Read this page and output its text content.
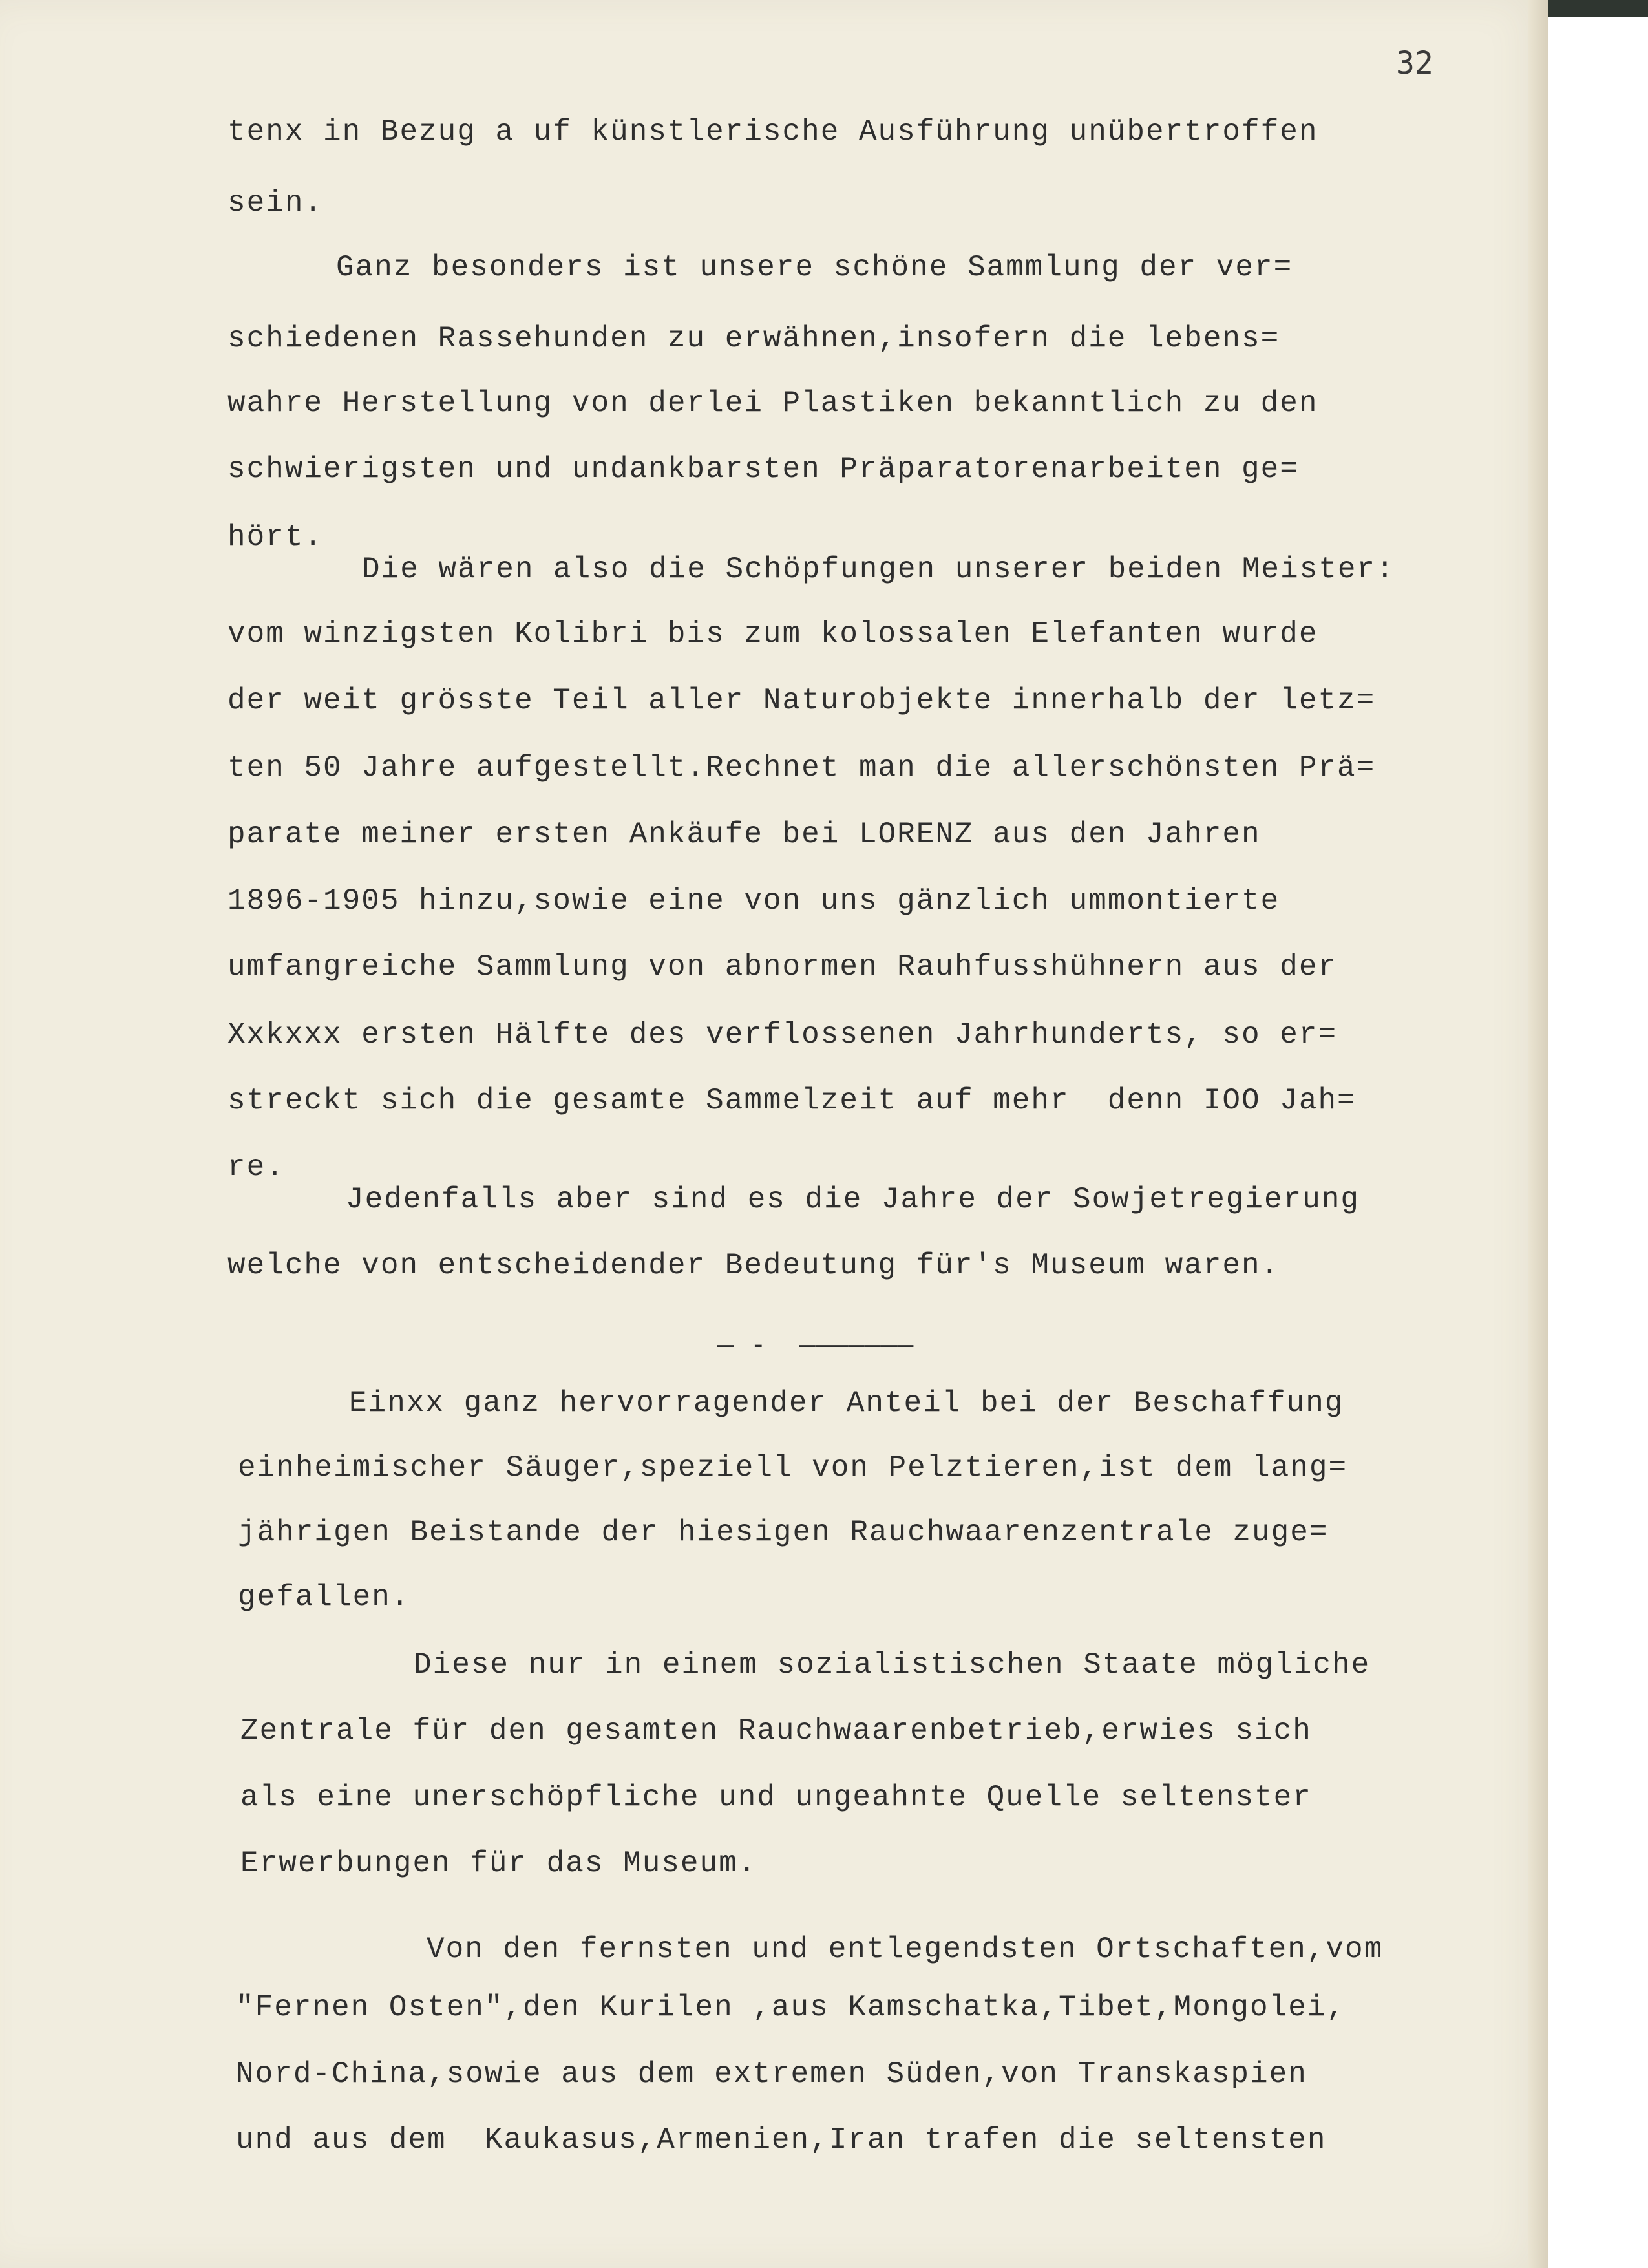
32
tenx in Bezug a uf künstlerische Ausführung unübertroffen
sein.
Ganz besonders ist unsere schöne Sammlung der ver=
schiedenen Rassehunden zu erwähnen,insofern die lebens=
wahre Herstellung von derlei Plastiken bekanntlich zu den
schwierigsten und undankbarsten Präparatorenarbeiten ge=
hört.
Die wären also die Schöpfungen unserer beiden Meister:
vom winzigsten Kolibri bis zum kolossalen Elefanten wurde
der weit grösste Teil aller Naturobjekte innerhalb der letz=
ten 50 Jahre aufgestellt.Rechnet man die allerschönsten Prä=
parate meiner ersten Ankäufe bei LORENZ aus den Jahren
1896-1905 hinzu,sowie eine von uns gänzlich ummontierte
umfangreiche Sammlung von abnormen Rauhfusshühnern aus der
Xxkxxx ersten Hälfte des verflossenen Jahrhunderts, so er=
streckt sich die gesamte Sammelzeit auf mehr  denn IOO Jah=
re.
Jedenfalls aber sind es die Jahre der Sowjetregierung
welche von entscheidender Bedeutung für's Museum waren.
— -  ———————
Einxx ganz hervorragender Anteil bei der Beschaffung
einheimischer Säuger,speziell von Pelztieren,ist dem lang=
jährigen Beistande der hiesigen Rauchwaarenzentrale zuge=
gefallen.
Diese nur in einem sozialistischen Staate mögliche
Zentrale für den gesamten Rauchwaarenbetrieb,erwies sich
als eine unerschöpfliche und ungeahnte Quelle seltenster
Erwerbungen für das Museum.
Von den fernsten und entlegendsten Ortschaften,vom
"Fernen Osten",den Kurilen ,aus Kamschatka,Tibet,Mongolei,
Nord-China,sowie aus dem extremen Süden,von Transkaspien
und aus dem  Kaukasus,Armenien,Iran trafen die seltensten
